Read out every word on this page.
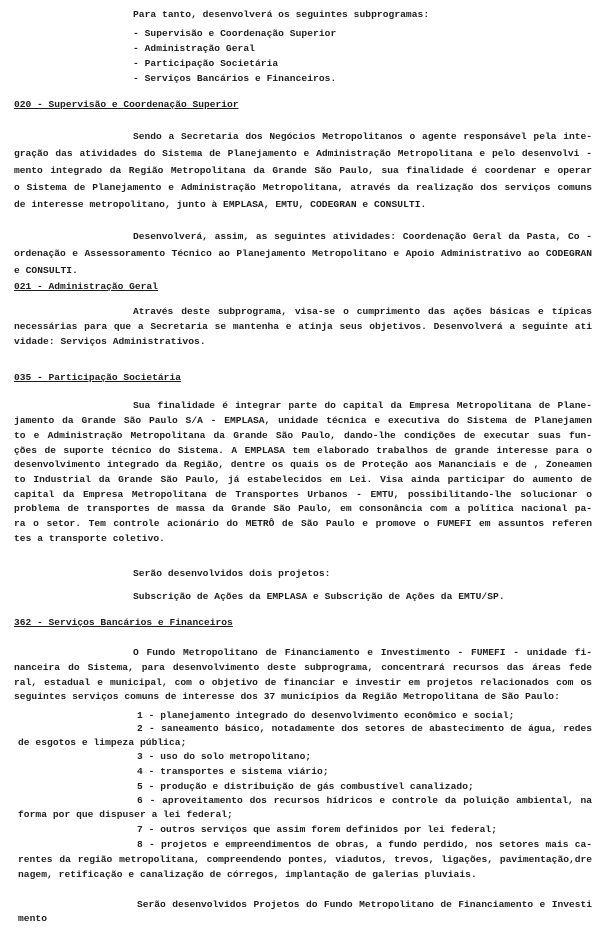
Para tanto, desenvolverá os seguintes subprogramas:
- Supervisão e Coordenação Superior
- Administração Geral
- Participação Societária
- Serviços Bancários e Financeiros.
020 - Supervisão e Coordenação Superior
Sendo a Secretaria dos Negócios Metropolitanos o agente responsável pela inte-
gração das atividades do Sistema de Planejamento e Administração Metropolitana e pelo desenvolvi -
mento integrado da Região Metropolitana da Grande São Paulo, sua finalidade é coordenar e operar
o Sistema de Planejamento e Administração Metropolitana, através da realização dos serviços comuns
de interesse metropolitano, junto à EMPLASA, EMTU, CODEGRAN e CONSULTI.
Desenvolverá, assim, as seguintes atividades: Coordenação Geral da Pasta, Co -
ordenação e Assessoramento Técnico ao Planejamento Metropolitano e Apoio Administrativo ao CODEGRAN
e CONSULTI.
021 - Administração Geral
Através deste subprograma, visa-se o cumprimento das ações básicas e típicas
necessárias para que a Secretaria se mantenha e atinja seus objetivos. Desenvolverá a seguinte ati
vidade: Serviços Administrativos.
035 - Participação Societária
Sua finalidade é integrar parte do capital da Empresa Metropolitana de Plane-
jamento da Grande São Paulo S/A - EMPLASA, unidade técnica e executiva do Sistema de Planejamen
to e Administração Metropolitana da Grande São Paulo, dando-lhe condições de executar suas fun-
ções de suporte técnico do Sistema. A EMPLASA tem elaborado trabalhos de grande interesse para o
desenvolvimento integrado da Região, dentre os quais os de Proteção aos Mananciais e de , Zoneamen
to Industrial da Grande São Paulo, já estabelecidos em Lei. Visa ainda participar do aumento de
capital da Empresa Metropolitana de Transportes Urbanos - EMTU, possibilitando-lhe solucionar o
problema de transportes de massa da Grande São Paulo, em consonância com a política nacional pa-
ra o setor. Tem controle acionário do METRÔ de São Paulo e promove o FUMEFI em assuntos referen
tes a transporte coletivo.
Serão desenvolvidos dois projetos:
Subscrição de Ações da EMPLASA e Subscrição de Ações da EMTU/SP.
362 - Serviços Bancários e Financeiros
O Fundo Metropolitano de Financiamento e Investimento - FUMEFI - unidade fi-
nanceira do Sistema, para desenvolvimento deste subprograma, concentrará recursos das áreas fede
ral, estadual e municipal, com o objetivo de financiar e investir em projetos relacionados com os
seguintes serviços comuns de interesse dos 37 municípios da Região Metropolitana de São Paulo:
1 - planejamento integrado do desenvolvimento econômico e social;
2 - saneamento básico, notadamente dos setores de abastecimento de água, redes
de esgotos e limpeza pública;
3 - uso do solo metropolitano;
4 - transportes e sistema viário;
5 - produção e distribuição de gás combustível canalizado;
6 - aproveitamento dos recursos hídricos e controle da poluição ambiental, na
forma por que dispuser a lei federal;
7 - outros serviços que assim forem definidos por lei federal;
8 - projetos e empreendimentos de obras, a fundo perdido, nos setores mais ca-
rentes da região metropolitana, compreendendo pontes, viadutos, trevos, ligações, pavimentação,dre
nagem, retificação e canalização de córregos, implantação de galerias pluviais.
Serão desenvolvidos Projetos do Fundo Metropolitano de Financiamento e Investi
mento
